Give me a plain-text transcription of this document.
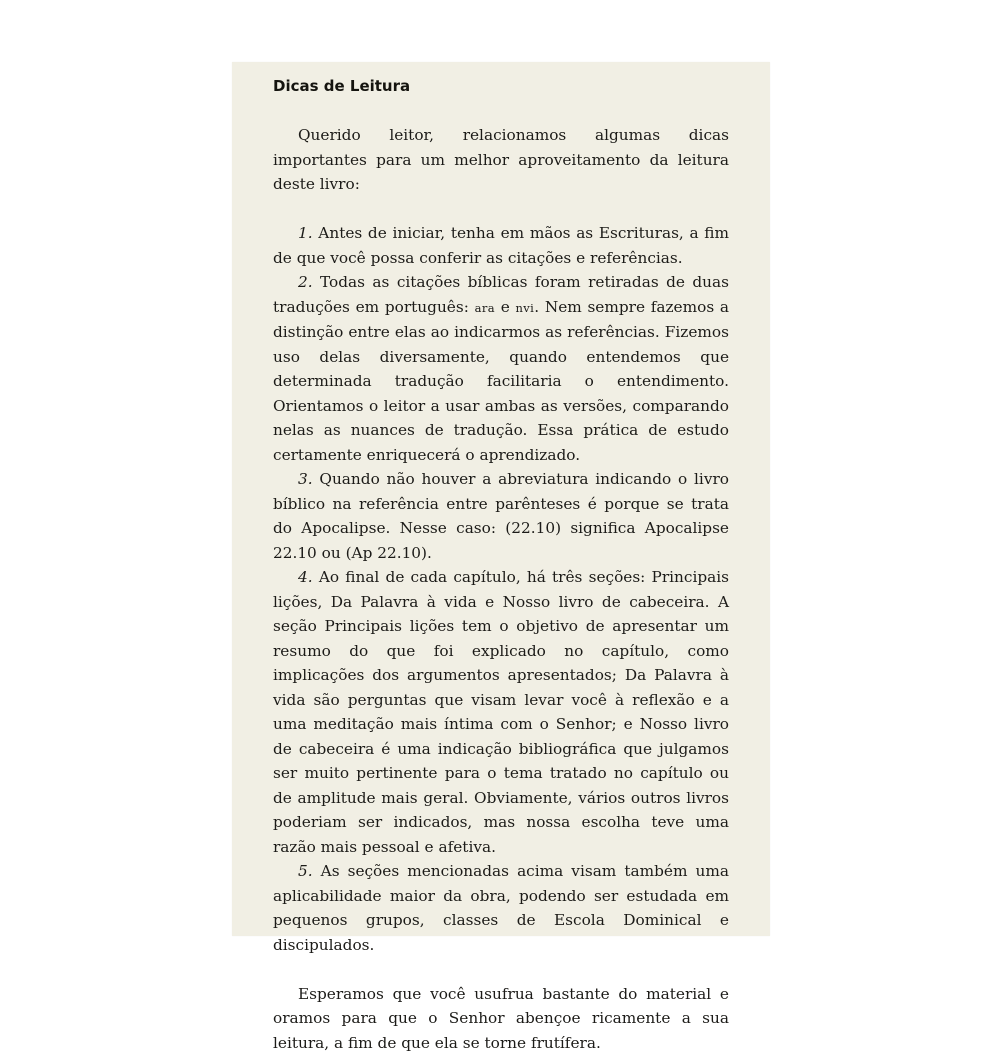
Dicas de Leitura

Querido leitor, relacionamos algumas dicas importantes para um melhor aproveitamento da leitura deste livro:

1. Antes de iniciar, tenha em mãos as Escrituras, a fim de que você possa conferir as citações e referências.

2. Todas as citações bíblicas foram retiradas de duas traduções em português: ara e nvi. Nem sempre fazemos a distinção entre elas ao indicarmos as referências. Fizemos uso delas diversamente, quando entendemos que determinada tradução facilitaria o entendimento. Orientamos o leitor a usar ambas as versões, comparando nelas as nuances de tradução. Essa prática de estudo certamente enriquecerá o aprendizado.

3. Quando não houver a abreviatura indicando o livro bíblico na referência entre parênteses é porque se trata do Apocalipse. Nesse caso: (22.10) significa Apocalipse 22.10 ou (Ap 22.10).

4. Ao final de cada capítulo, há três seções: Principais lições, Da Palavra à vida e Nosso livro de cabeceira. A seção Principais lições tem o objetivo de apresentar um resumo do que foi explicado no capítulo, como implicações dos argumentos apresentados; Da Palavra à vida são perguntas que visam levar você à reflexão e a uma meditação mais íntima com o Senhor; e Nosso livro de cabeceira é uma indicação bibliográfica que julgamos ser muito pertinente para o tema tratado no capítulo ou de amplitude mais geral. Obviamente, vários outros livros poderiam ser indicados, mas nossa escolha teve uma razão mais pessoal e afetiva.

5. As seções mencionadas acima visam também uma aplicabilidade maior da obra, podendo ser estudada em pequenos grupos, classes de Escola Dominical e discipulados.

Esperamos que você usufrua bastante do material e oramos para que o Senhor abençoe ricamente a sua leitura, a fim de que ela se torne frutífera.
